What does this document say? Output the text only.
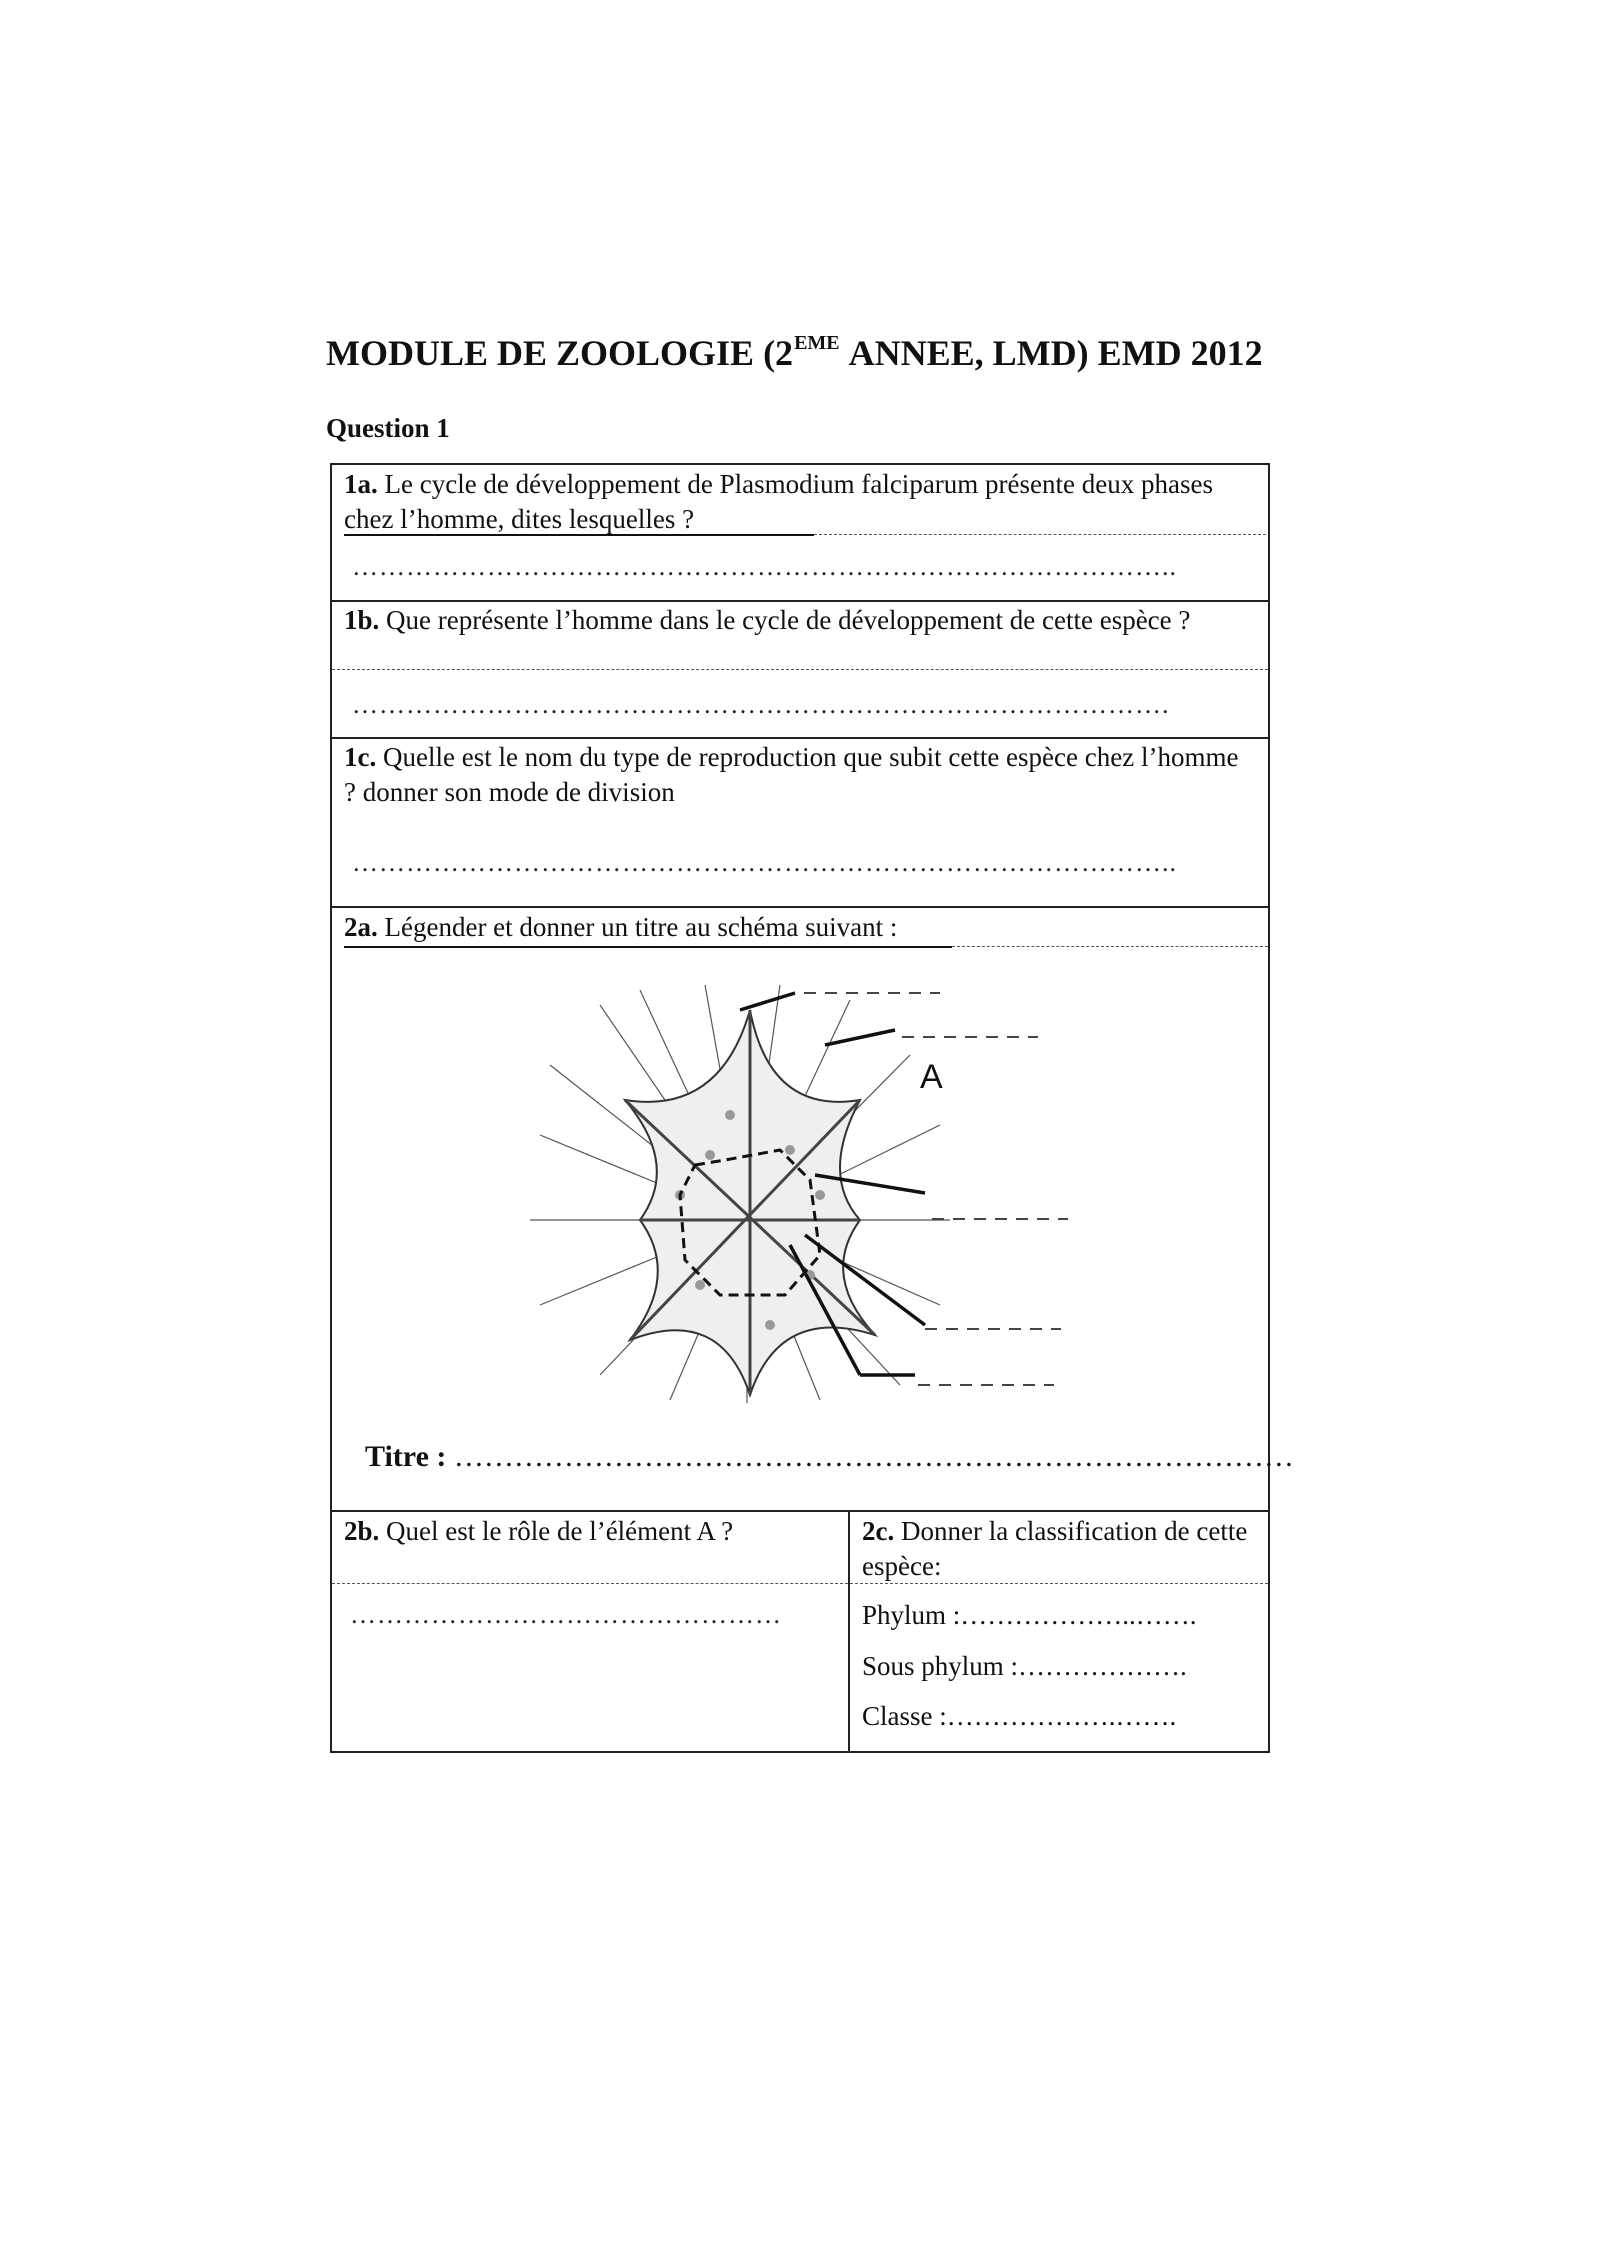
MODULE DE ZOOLOGIE (2EME ANNEE, LMD) EMD 2012
Question 1
1a. Le cycle de développement de Plasmodium falciparum présente deux phases chez l’homme, dites lesquelles ?
………………………………………………………………………………..
1b. Que représente l’homme dans le cycle de développement de cette espèce ?
……………………………………………………………………………….
1c. Quelle est le nom du type de reproduction que subit cette espèce chez l’homme ? donner son mode de division
………………………………………………………………………………..
2a. Légender et donner un titre au schéma suivant :
A
Titre : …………………………………………………………………………
2b. Quel est le rôle de l’élément A ?
…………………………………………
2c. Donner la classification de cette espèce:
Phylum :………………..…….
Sous phylum :……………….
Classe :……………….…….
